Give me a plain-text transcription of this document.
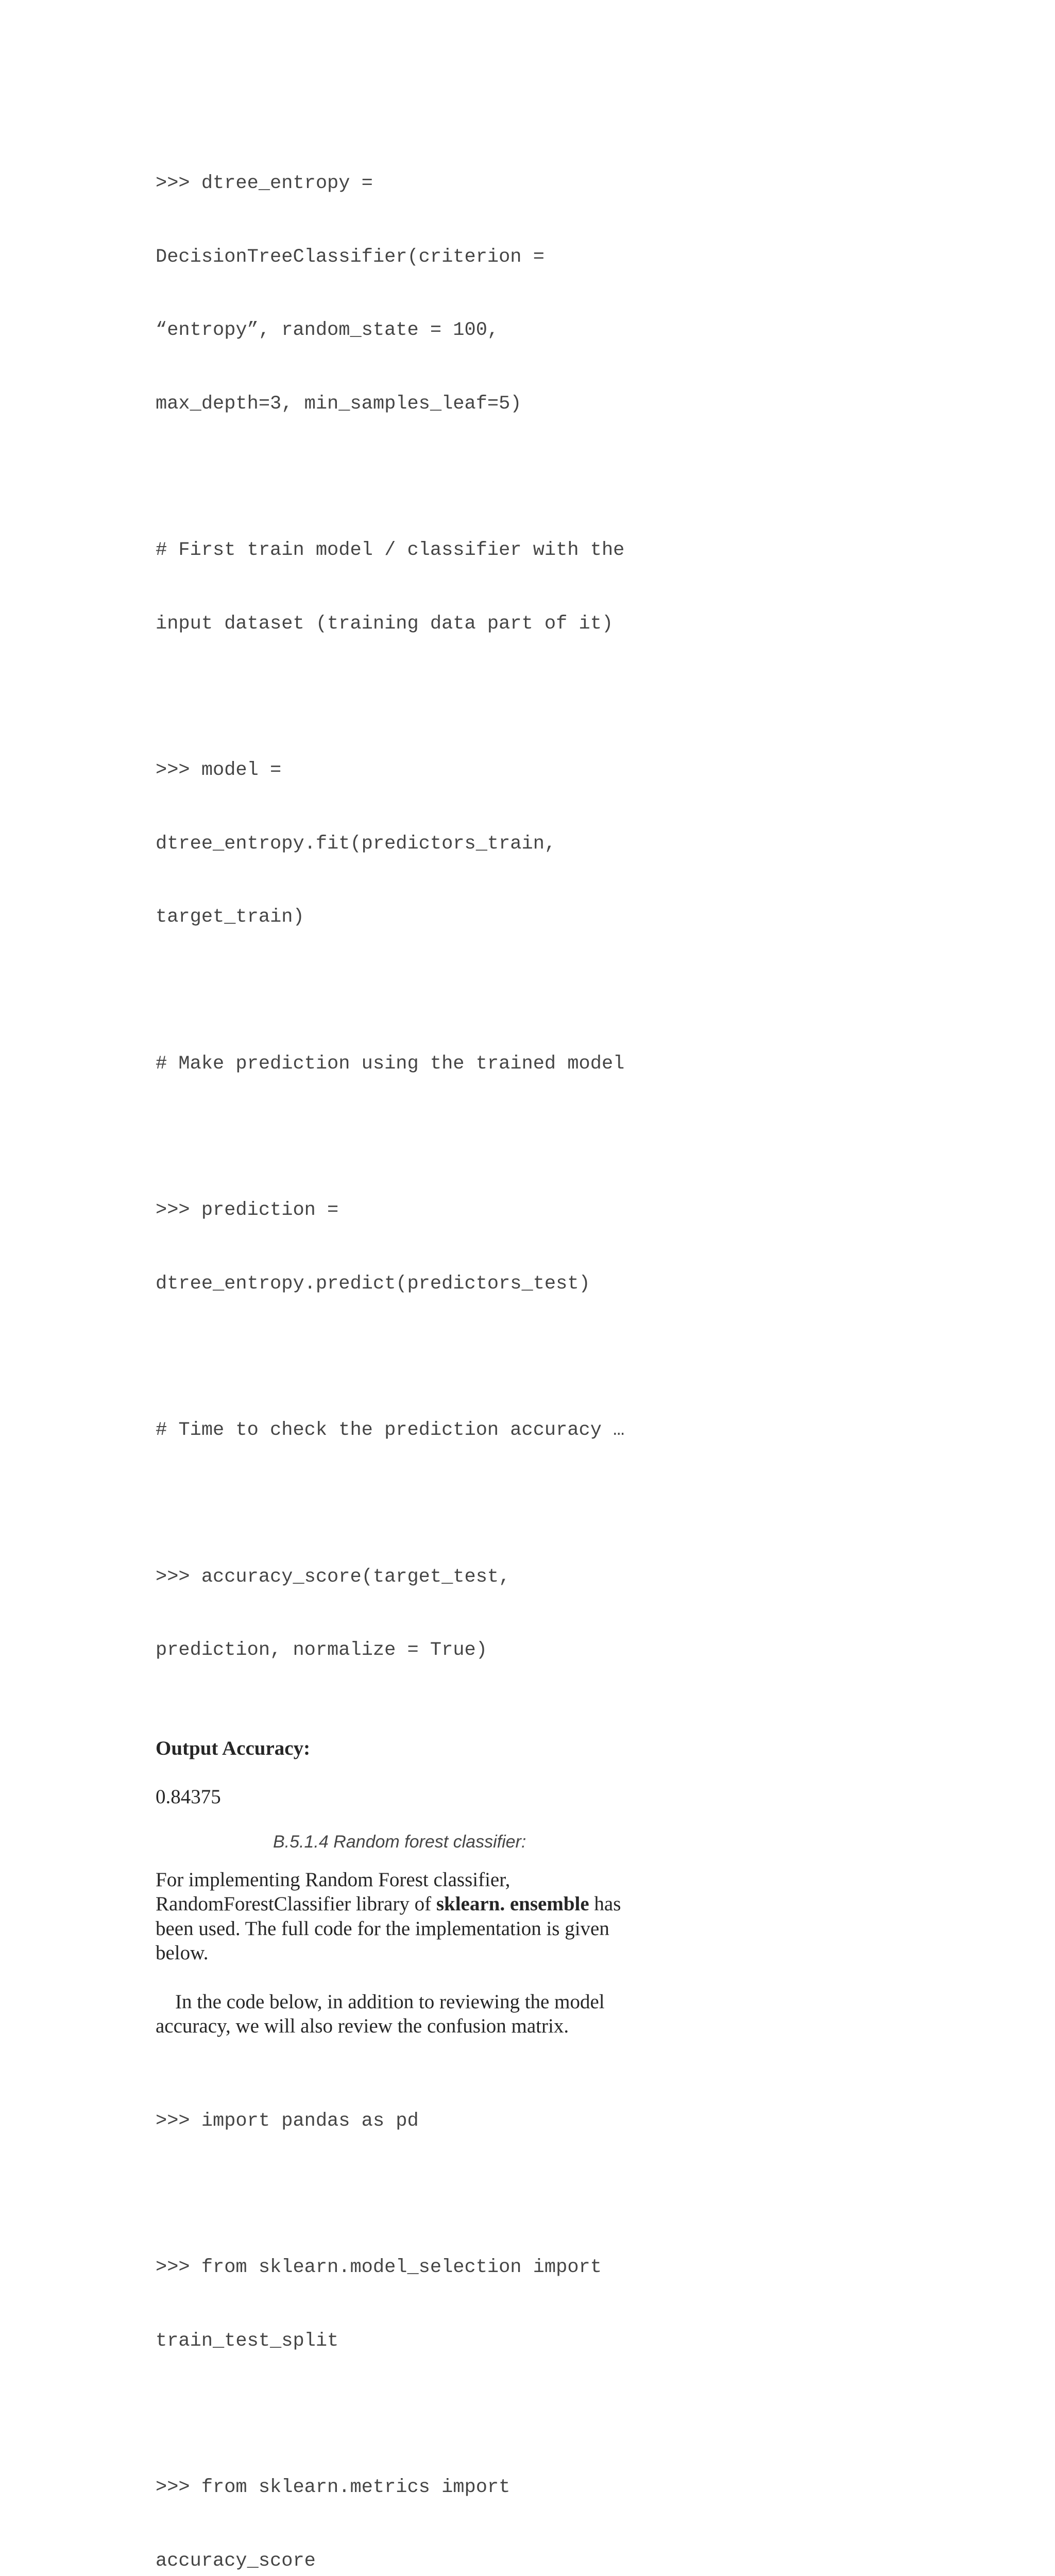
>>> dtree_entropy =

DecisionTreeClassifier(criterion =

“entropy”, random_state = 100,

max_depth=3, min_samples_leaf=5)

# First train model / classifier with the

input dataset (training data part of it)

>>> model =

dtree_entropy.fit(predictors_train,

target_train)

# Make prediction using the trained model

>>> prediction =

dtree_entropy.predict(predictors_test)

# Time to check the prediction accuracy …

>>> accuracy_score(target_test,

prediction, normalize = True)

Output Accuracy:

0.84375

B.5.1.4 Random forest classifier:

For implementing Random Forest classifier, RandomForestClassifier library of sklearn. ensemble has been used. The full code for the implementation is given below.

In the code below, in addition to reviewing the model accuracy, we will also review the confusion matrix.

>>> import pandas as pd

>>> from sklearn.model_selection import

train_test_split

>>> from sklearn.metrics import

accuracy_score
